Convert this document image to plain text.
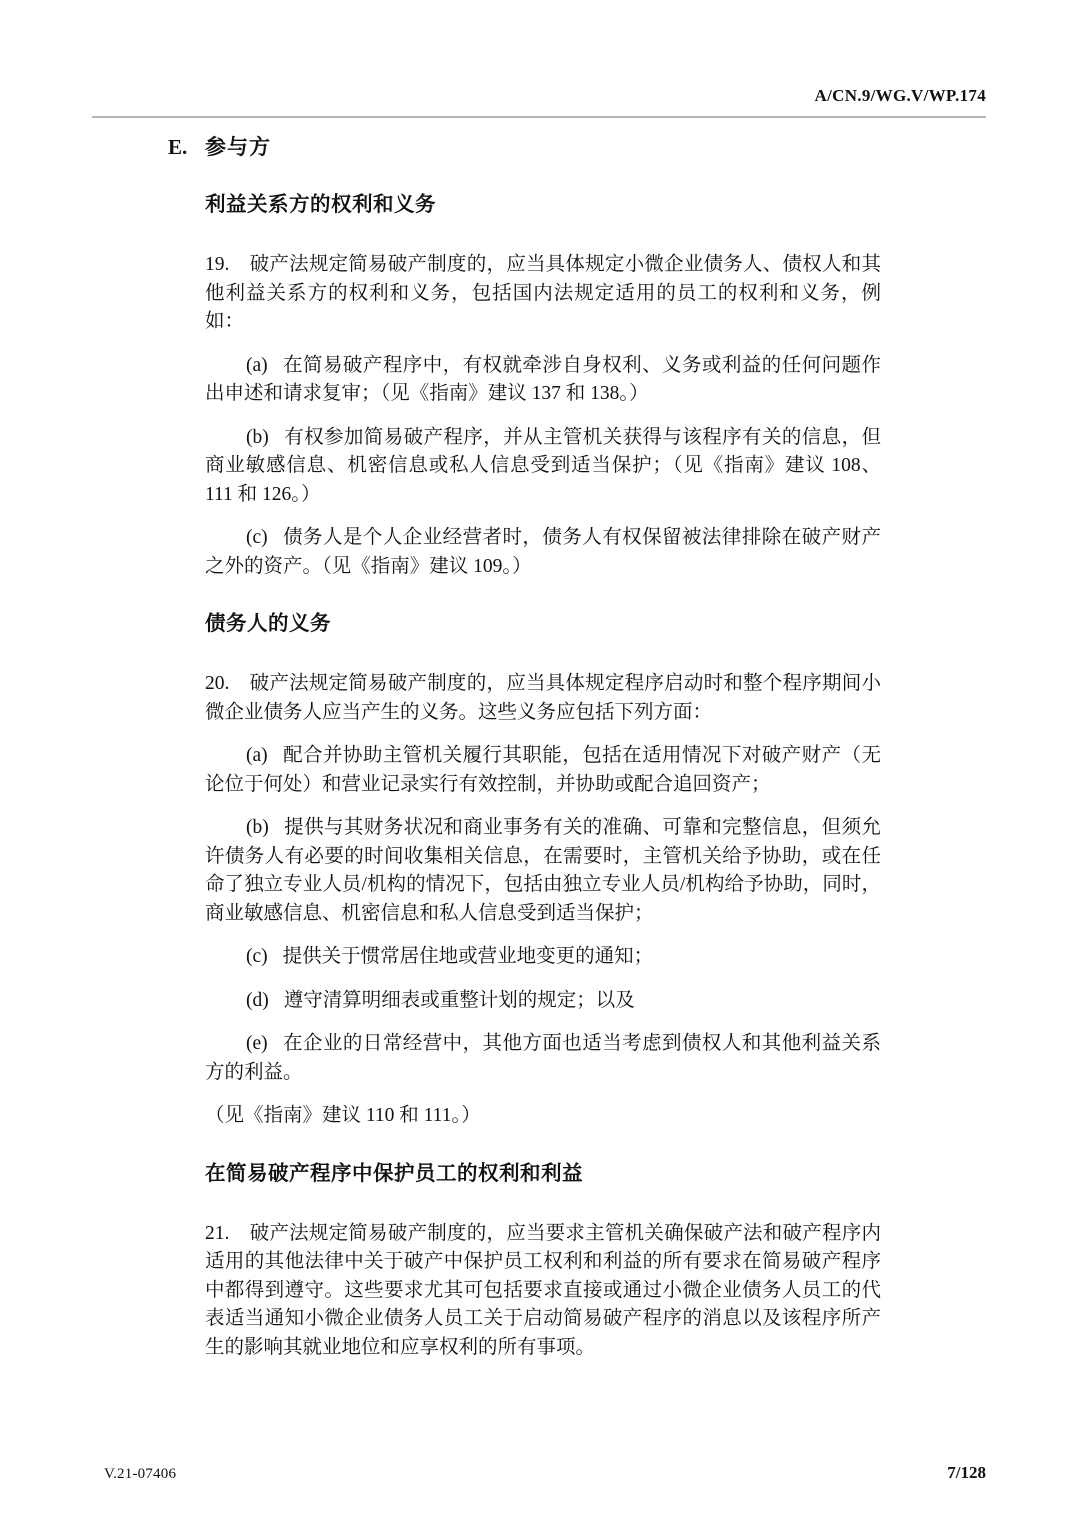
A/CN.9/WG.V/WP.174
E. 参与方
利益关系方的权利和义务

19. 破产法规定简易破产制度的，应当具体规定小微企业债务人、债权人和其他利益关系方的权利和义务，包括国内法规定适用的员工的权利和义务，例如：

(a) 在简易破产程序中，有权就牵涉自身权利、义务或利益的任何问题作出申述和请求复审；（见《指南》建议 137 和 138。）

(b) 有权参加简易破产程序，并从主管机关获得与该程序有关的信息，但商业敏感信息、机密信息或私人信息受到适当保护；（见《指南》建议 108、111 和 126。）

(c) 债务人是个人企业经营者时，债务人有权保留被法律排除在破产财产之外的资产。（见《指南》建议 109。）

债务人的义务

20. 破产法规定简易破产制度的，应当具体规定程序启动时和整个程序期间小微企业债务人应当产生的义务。这些义务应包括下列方面：

(a) 配合并协助主管机关履行其职能，包括在适用情况下对破产财产（无论位于何处）和营业记录实行有效控制，并协助或配合追回资产；

(b) 提供与其财务状况和商业事务有关的准确、可靠和完整信息，但须允许债务人有必要的时间收集相关信息，在需要时，主管机关给予协助，或在任命了独立专业人员/机构的情况下，包括由独立专业人员/机构给予协助，同时，商业敏感信息、机密信息和私人信息受到适当保护；

(c) 提供关于惯常居住地或营业地变更的通知；

(d) 遵守清算明细表或重整计划的规定；以及

(e) 在企业的日常经营中，其他方面也适当考虑到债权人和其他利益关系方的利益。

（见《指南》建议 110 和 111。）

在简易破产程序中保护员工的权利和利益

21. 破产法规定简易破产制度的，应当要求主管机关确保破产法和破产程序内适用的其他法律中关于破产中保护员工权利和利益的所有要求在简易破产程序中都得到遵守。这些要求尤其可包括要求直接或通过小微企业债务人员工的代表适当通知小微企业债务人员工关于启动简易破产程序的消息以及该程序所产生的影响其就业地位和应享权利的所有事项。

V.21-07406	7/128
